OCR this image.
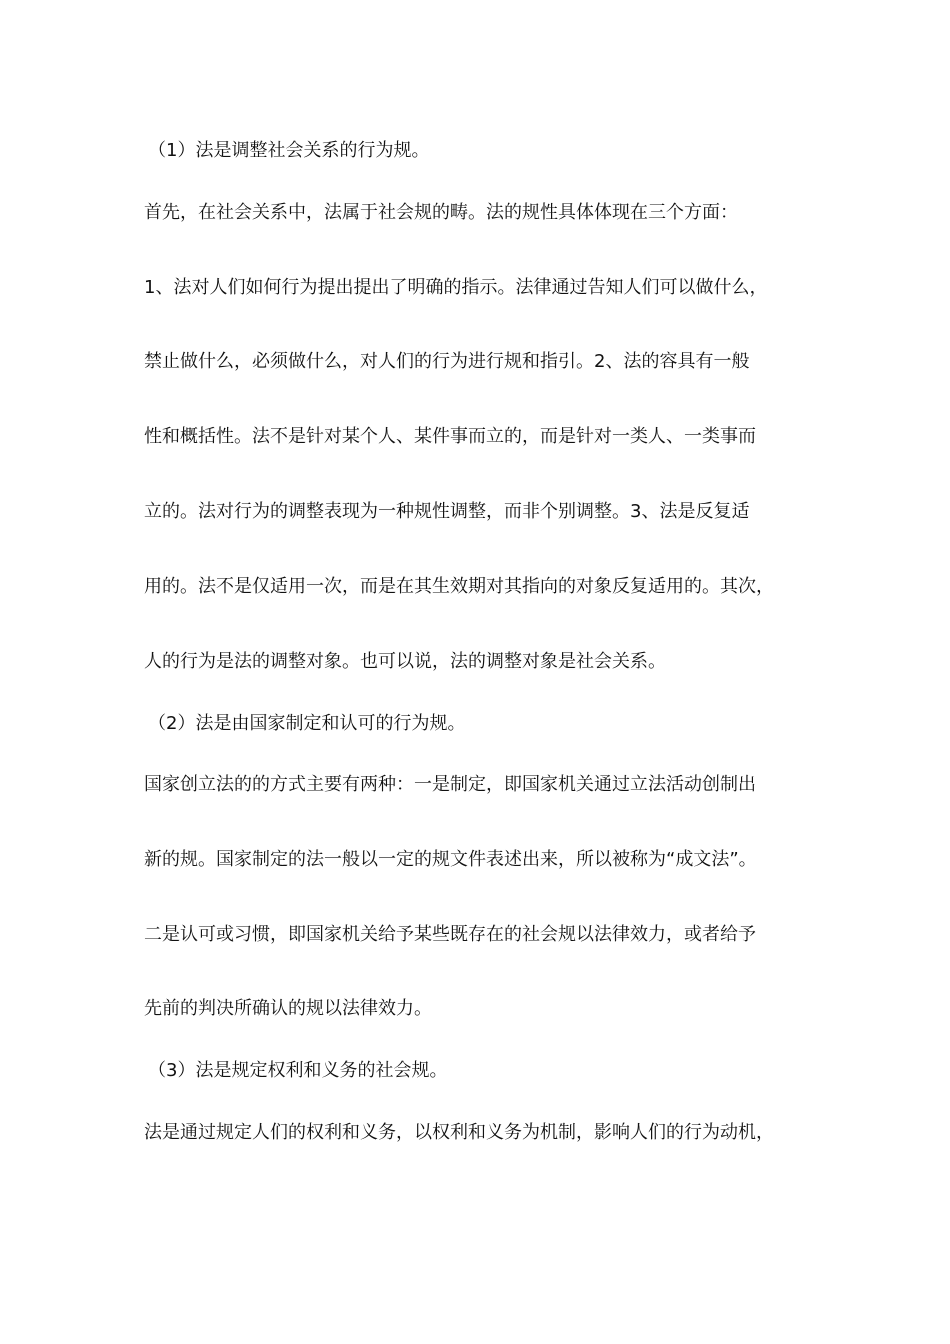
（1）法是调整社会关系的行为规。
首先，在社会关系中，法属于社会规的畴。法的规性具体体现在三个方面：
1、法对人们如何行为提出提出了明确的指示。法律通过告知人们可以做什么，
禁止做什么，必须做什么，对人们的行为进行规和指引。2、法的容具有一般
性和概括性。法不是针对某个人、某件事而立的，而是针对一类人、一类事而
立的。法对行为的调整表现为一种规性调整，而非个别调整。3、法是反复适
用的。法不是仅适用一次，而是在其生效期对其指向的对象反复适用的。其次，
人的行为是法的调整对象。也可以说，法的调整对象是社会关系。
（2）法是由国家制定和认可的行为规。
国家创立法的的方式主要有两种：一是制定，即国家机关通过立法活动创制出
新的规。国家制定的法一般以一定的规文件表述出来，所以被称为“成文法”。
二是认可或习惯，即国家机关给予某些既存在的社会规以法律效力，或者给予
先前的判决所确认的规以法律效力。
（3）法是规定权利和义务的社会规。
法是通过规定人们的权利和义务，以权利和义务为机制，影响人们的行为动机，
